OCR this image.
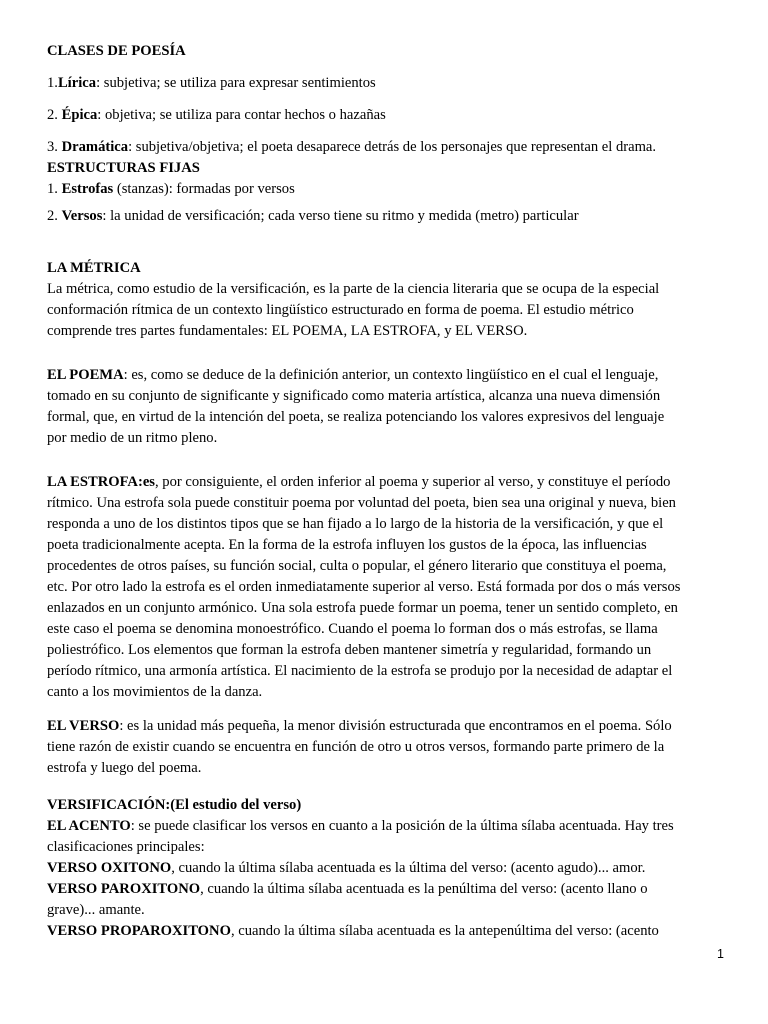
CLASES DE POESÍA

1.Lírica: subjetiva; se utiliza para expresar sentimientos

2. Épica: objetiva; se utiliza para contar hechos o hazañas

3. Dramática: subjetiva/objetiva; el poeta desaparece detrás de los personajes que representan el drama.
ESTRUCTURAS FIJAS
1. Estrofas (stanzas): formadas por versos

2. Versos: la unidad de versificación; cada verso tiene su ritmo y medida (metro) particular

LA MÉTRICA
La métrica, como estudio de la versificación, es la parte de la ciencia literaria que se ocupa de la especial
conformación rítmica de un contexto lingüístico estructurado en forma de poema. El estudio métrico
comprende tres partes fundamentales: EL POEMA, LA ESTROFA, y EL VERSO.

EL POEMA: es, como se deduce de la definición anterior, un contexto lingüístico en el cual el lenguaje,
tomado en su conjunto de significante y significado como materia artística, alcanza una nueva dimensión
formal, que, en virtud de la intención del poeta, se realiza potenciando los valores expresivos del lenguaje
por medio de un ritmo pleno.

LA ESTROFA:es, por consiguiente, el orden inferior al poema y superior al verso, y constituye el período
rítmico. Una estrofa sola puede constituir poema por voluntad del poeta, bien sea una original y nueva, bien
responda a uno de los distintos tipos que se han fijado a lo largo de la historia de la versificación, y que el
poeta tradicionalmente acepta. En la forma de la estrofa influyen los gustos de la época, las influencias
procedentes de otros países, su función social, culta o popular, el género literario que constituya el poema,
etc. Por otro lado la estrofa es el orden inmediatamente superior al verso. Está formada por dos o más versos
enlazados en un conjunto armónico. Una sola estrofa puede formar un poema, tener un sentido completo, en
este caso el poema se denomina monoestrófico. Cuando el poema lo forman dos o más estrofas, se llama
poliestrófico. Los elementos que forman la estrofa deben mantener simetría y regularidad, formando un
período rítmico, una armonía artística. El nacimiento de la estrofa se produjo por la necesidad de adaptar el
canto a los movimientos de la danza.

EL VERSO: es la unidad más pequeña, la menor división estructurada que encontramos en el poema. Sólo
tiene razón de existir cuando se encuentra en función de otro u otros versos, formando parte primero de la
estrofa y luego del poema.

VERSIFICACIÓN:(El estudio del verso)
EL ACENTO: se puede clasificar los versos en cuanto a la posición de la última sílaba acentuada. Hay tres
clasificaciones principales:
VERSO OXITONO, cuando la última sílaba acentuada es la última del verso: (acento agudo)... amor.
VERSO PAROXITONO, cuando la última sílaba acentuada es la penúltima del verso: (acento llano o
grave)... amante.
VERSO PROPAROXITONO, cuando la última sílaba acentuada es la antepenúltima del verso: (acento

1
